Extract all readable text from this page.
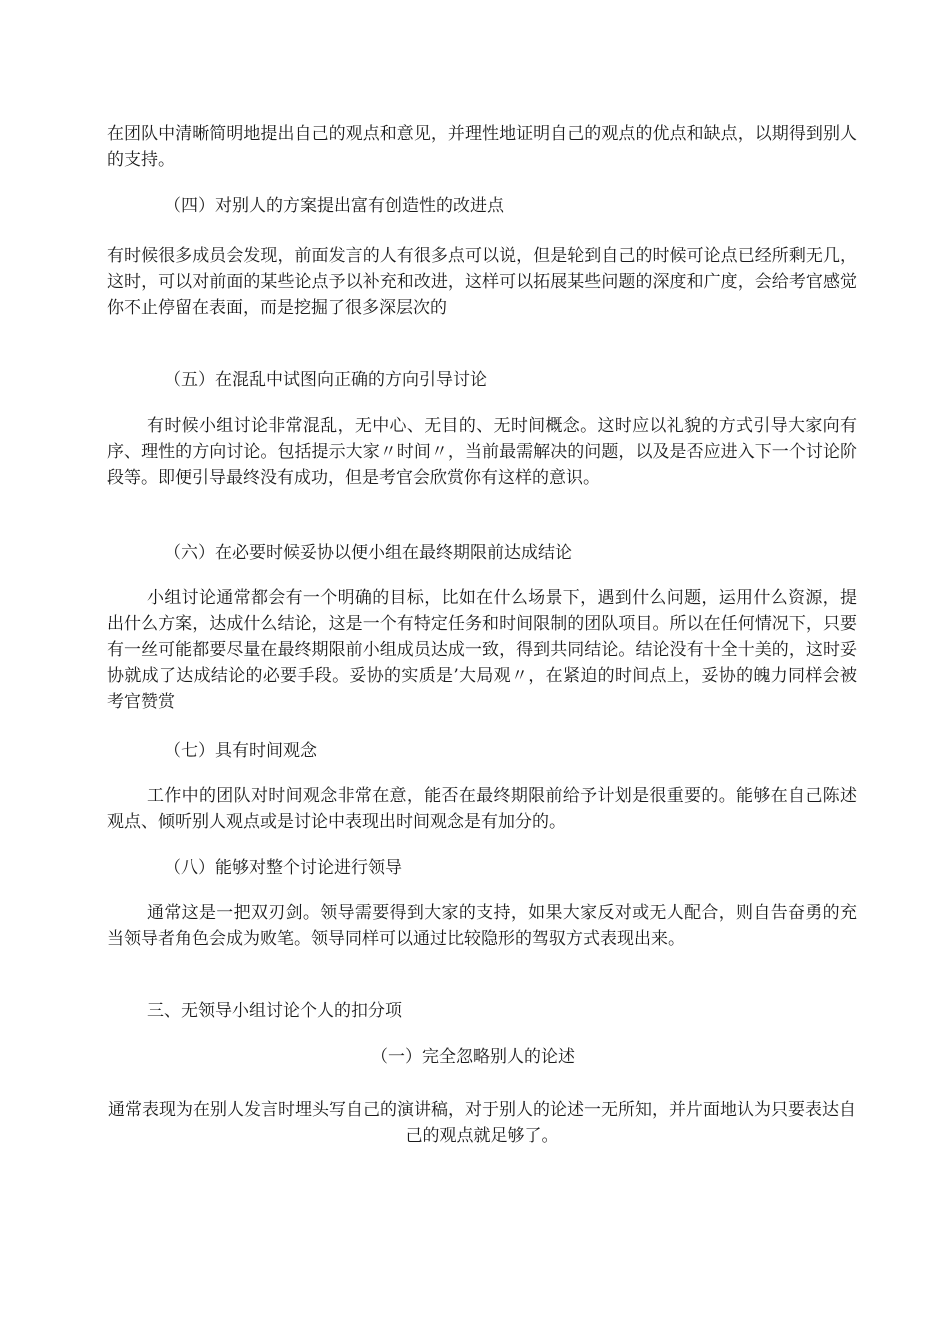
在团队中清晰简明地提出自己的观点和意见，并理性地证明自己的观点的优点和缺点，以期得到别人的支持。

（四）对别人的方案提出富有创造性的改进点

有时候很多成员会发现，前面发言的人有很多点可以说，但是轮到自己的时候可论点已经所剩无几，这时，可以对前面的某些论点予以补充和改进，这样可以拓展某些问题的深度和广度，会给考官感觉你不止停留在表面，而是挖掘了很多深层次的

（五）在混乱中试图向正确的方向引导讨论

有时候小组讨论非常混乱，无中心、无目的、无时间概念。这时应以礼貌的方式引导大家向有序、理性的方向讨论。包括提示大家〃时间〃，当前最需解决的问题，以及是否应进入下一个讨论阶段等。即便引导最终没有成功，但是考官会欣赏你有这样的意识。

（六）在必要时候妥协以便小组在最终期限前达成结论

小组讨论通常都会有一个明确的目标，比如在什么场景下，遇到什么问题，运用什么资源，提出什么方案，达成什么结论，这是一个有特定任务和时间限制的团队项目。所以在任何情况下，只要有一丝可能都要尽量在最终期限前小组成员达成一致，得到共同结论。结论没有十全十美的，这时妥协就成了达成结论的必要手段。妥协的实质是’大局观〃，在紧迫的时间点上，妥协的魄力同样会被考官赞赏

（七）具有时间观念

工作中的团队对时间观念非常在意，能否在最终期限前给予计划是很重要的。能够在自己陈述观点、倾听别人观点或是讨论中表现出时间观念是有加分的。

（八）能够对整个讨论进行领导

通常这是一把双刃剑。领导需要得到大家的支持，如果大家反对或无人配合，则自告奋勇的充当领导者角色会成为败笔。领导同样可以通过比较隐形的驾驭方式表现出来。

三、无领导小组讨论个人的扣分项

（一）完全忽略别人的论述

通常表现为在别人发言时埋头写自己的演讲稿，对于别人的论述一无所知，并片面地认为只要表达自己的观点就足够了。
